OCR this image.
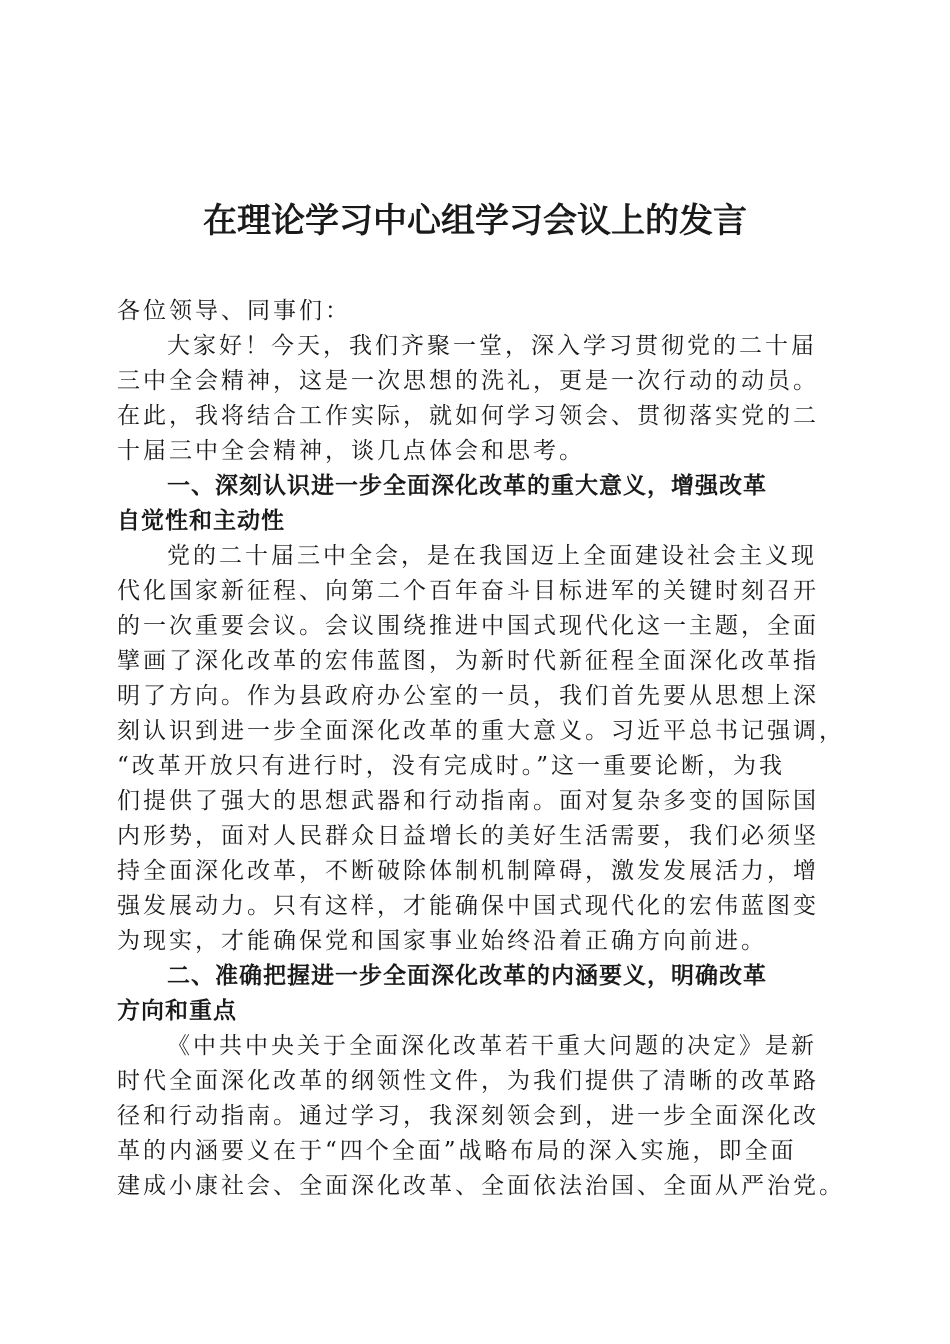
在理论学习中心组学习会议上的发言
各位领导、同事们：
大家好！今天，我们齐聚一堂，深入学习贯彻党的二十届
三中全会精神，这是一次思想的洗礼，更是一次行动的动员。
在此，我将结合工作实际，就如何学习领会、贯彻落实党的二
十届三中全会精神，谈几点体会和思考。
一、深刻认识进一步全面深化改革的重大意义，增强改革
自觉性和主动性
党的二十届三中全会，是在我国迈上全面建设社会主义现
代化国家新征程、向第二个百年奋斗目标进军的关键时刻召开
的一次重要会议。会议围绕推进中国式现代化这一主题，全面
擘画了深化改革的宏伟蓝图，为新时代新征程全面深化改革指
明了方向。作为县政府办公室的一员，我们首先要从思想上深
刻认识到进一步全面深化改革的重大意义。习近平总书记强调，
“改革开放只有进行时，没有完成时。”这一重要论断，为我
们提供了强大的思想武器和行动指南。面对复杂多变的国际国
内形势，面对人民群众日益增长的美好生活需要，我们必须坚
持全面深化改革，不断破除体制机制障碍，激发发展活力，增
强发展动力。只有这样，才能确保中国式现代化的宏伟蓝图变
为现实，才能确保党和国家事业始终沿着正确方向前进。
二、准确把握进一步全面深化改革的内涵要义，明确改革
方向和重点
《中共中央关于全面深化改革若干重大问题的决定》是新
时代全面深化改革的纲领性文件，为我们提供了清晰的改革路
径和行动指南。通过学习，我深刻领会到，进一步全面深化改
革的内涵要义在于“四个全面”战略布局的深入实施，即全面
建成小康社会、全面深化改革、全面依法治国、全面从严治党。
